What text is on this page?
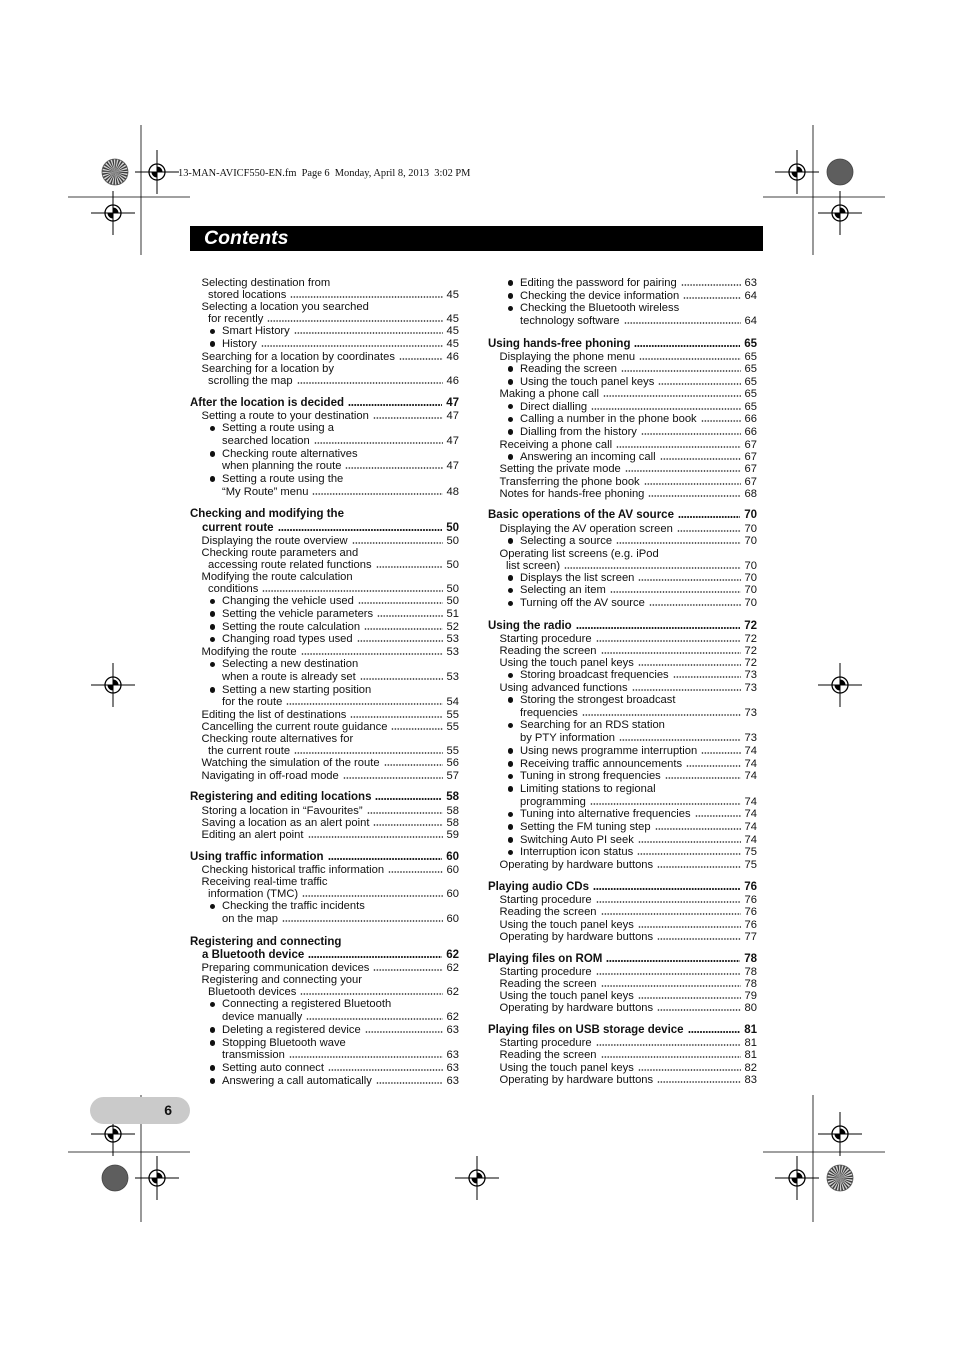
13-MAN-AVICF550-EN.fm  Page 6  Monday, April 8, 2013  3:02 PM
Contents
Selecting destination from
stored locations	45
Selecting a location you searched
for recently	45
Smart History	45
History	45
Searching for a location by coordinates	46
Searching for a location by
scrolling the map	46
After the location is decided	47
Setting a route to your destination	47
Setting a route using a
searched location	47
Checking route alternatives
when planning the route	47
Setting a route using the
“My Route” menu	48
Checking and modifying the
current route	50
Displaying the route overview	50
Checking route parameters and
accessing route related functions	50
Modifying the route calculation
conditions	50
Changing the vehicle used	50
Setting the vehicle parameters	51
Setting the route calculation	52
Changing road types used	53
Modifying the route	53
Selecting a new destination
when a route is already set	53
Setting a new starting position
for the route	54
Editing the list of destinations	55
Cancelling the current route guidance	55
Checking route alternatives for
the current route	55
Watching the simulation of the route	56
Navigating in off-road mode	57
Registering and editing locations	58
Storing a location in “Favourites”	58
Saving a location as an alert point	58
Editing an alert point	59
Using traffic information	60
Checking historical traffic information	60
Receiving real-time traffic
information (TMC)	60
Checking the traffic incidents
on the map	60
Registering and connecting
a Bluetooth device	62
Preparing communication devices	62
Registering and connecting your
Bluetooth devices	62
Connecting a registered Bluetooth
device manually	62
Deleting a registered device	63
Stopping Bluetooth wave
transmission	63
Setting auto connect	63
Answering a call automatically	63
Editing the password for pairing	63
Checking the device information	64
Checking the Bluetooth wireless
technology software	64
Using hands-free phoning	65
Displaying the phone menu	65
Reading the screen	65
Using the touch panel keys	65
Making a phone call	65
Direct dialling	65
Calling a number in the phone book	66
Dialling from the history	66
Receiving a phone call	67
Answering an incoming call	67
Setting the private mode	67
Transferring the phone book	67
Notes for hands-free phoning	68
Basic operations of the AV source	70
Displaying the AV operation screen	70
Selecting a source	70
Operating list screens (e.g. iPod
list screen)	70
Displays the list screen	70
Selecting an item	70
Turning off the AV source	70
Using the radio	72
Starting procedure	72
Reading the screen	72
Using the touch panel keys	72
Storing broadcast frequencies	73
Using advanced functions	73
Storing the strongest broadcast
frequencies	73
Searching for an RDS station
by PTY information	73
Using news programme interruption	74
Receiving traffic announcements	74
Tuning in strong frequencies	74
Limiting stations to regional
programming	74
Tuning into alternative frequencies	74
Setting the FM tuning step	74
Switching Auto PI seek	74
Interruption icon status	75
Operating by hardware buttons	75
Playing audio CDs	76
Starting procedure	76
Reading the screen	76
Using the touch panel keys	76
Operating by hardware buttons	77
Playing files on ROM	78
Starting procedure	78
Reading the screen	78
Using the touch panel keys	79
Operating by hardware buttons	80
Playing files on USB storage device	81
Starting procedure	81
Reading the screen	81
Using the touch panel keys	82
Operating by hardware buttons	83
6
